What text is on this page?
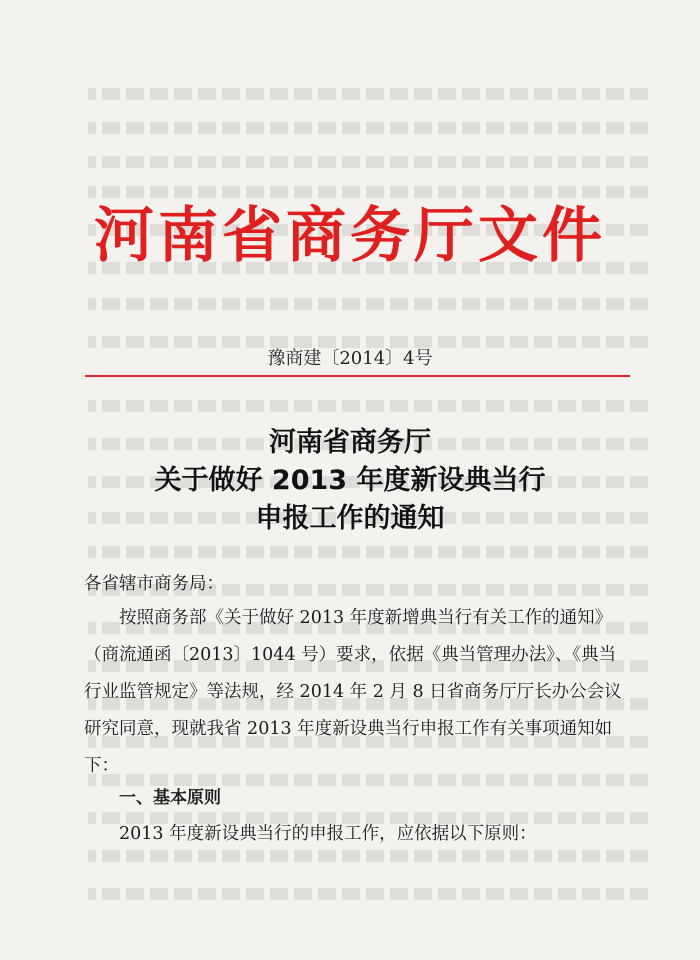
河南省商务厅文件
豫商建〔2014〕4号
河南省商务厅
关于做好 2013 年度新设典当行
申报工作的通知
各省辖市商务局：
按照商务部《关于做好 2013 年度新增典当行有关工作的通知》（商流通函〔2013〕1044 号）要求，依据《典当管理办法》、《典当行业监管规定》等法规，经 2014 年 2 月 8 日省商务厅厅长办公会议研究同意，现就我省 2013 年度新设典当行申报工作有关事项通知如下：
一、基本原则
2013 年度新设典当行的申报工作，应依据以下原则：
